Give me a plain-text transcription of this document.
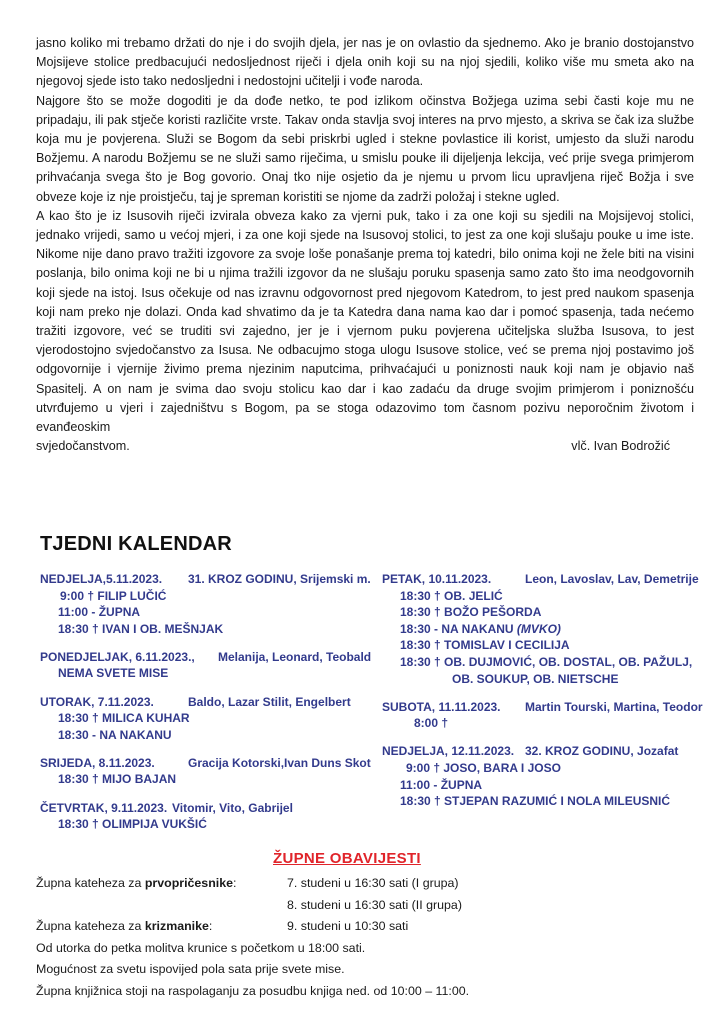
jasno koliko mi trebamo držati do nje i do svojih djela, jer nas je on ovlastio da sjednemo. Ako je branio dostojanstvo Mojsijeve stolice predbacujući nedosljednost riječi i djela onih koji su na njoj sjedili, koliko više mu smeta ako na njegovoj sjede isto tako nedosljedni i nedostojni učitelji i vođe naroda.

Najgore što se može dogoditi je da dođe netko, te pod izlikom očinstva Božjega uzima sebi časti koje mu ne pripadaju, ili pak stječe koristi različite vrste. Takav onda stavlja svoj interes na prvo mjesto, a skriva se čak iza službe koja mu je povjerena. Služi se Bogom da sebi priskrbi ugled i stekne povlastice ili korist, umjesto da služi narodu Božjemu. A narodu Božjemu se ne služi samo riječima, u smislu pouke ili dijeljenja lekcija, već prije svega primjerom prihvaćanja svega što je Bog govorio. Onaj tko nije osjetio da je njemu u prvom licu upravljena riječ Božja i sve obveze koje iz nje proistječu, taj je spreman koristiti se njome da zadrži položaj i stekne ugled.

A kao što je iz Isusovih riječi izvirala obveza kako za vjerni puk, tako i za one koji su sjedili na Mojsijevoj stolici, jednako vrijedi, samo u većoj mjeri, i za one koji sjede na Isusovoj stolici, to jest za one koji slušaju pouke u ime iste. Nikome nije dano pravo tražiti izgovore za svoje loše ponašanje prema toj katedri, bilo onima koji ne žele biti na visini poslanja, bilo onima koji ne bi u njima tražili izgovor da ne slušaju poruku spasenja samo zato što ima neodgovornih koji sjede na istoj. Isus očekuje od nas izravnu odgovornost pred njegovom Katedrom, to jest pred naukom spasenja koji nam preko nje dolazi. Onda kad shvatimo da je ta Katedra dana nama kao dar i pomoć spasenja, tada nećemo tražiti izgovore, već se truditi svi zajedno, jer je i vjernom puku povjerena učiteljska služba Isusova, to jest vjerodostojno svjedočanstvo za Isusa. Ne odbacujmo stoga ulogu Isusove stolice, već se prema njoj postavimo još odgovornije i vjernije živimo prema njezinim naputcima, prihvaćajući u poniznosti nauk koji nam je objavio naš Spasitelj. A on nam je svima dao svoju stolicu kao dar i kao zadaću da druge svojim primjerom i poniznošću utvrđujemo u vjeri i zajedništvu s Bogom, pa se stoga odazovimo tom časnom pozivu neporočnim životom i evanđeoskim

svjedočanstvom.	vlč. Ivan Bodrožić
TJEDNI KALENDAR
NEDJELJA,5.11.2023. 31. KROZ GODINU, Srijemski m.
9:00 † FILIP LUČIĆ
11:00 - ŽUPNA
18:30 † IVAN I OB. MEŠNJAK
PONEDJELJAK, 6.11.2023., Melanija, Leonard, Teobald
NEMA SVETE MISE
UTORAK, 7.11.2023.	Baldo, Lazar Stilit, Engelbert
18:30 † MILICA KUHAR
18:30 - NA NAKANU
SRIJEDA, 8.11.2023.	Gracija Kotorski,Ivan Duns Skot
18:30 † MIJO BAJAN
ČETVRTAK, 9.11.2023. Vitomir, Vito, Gabrijel
18:30 † OLIMPIJA VUKŠIĆ
PETAK, 10.11.2023.	Leon, Lavoslav, Lav, Demetrije
18:30 † OB. JELIĆ
18:30 † BOŽO PEŠORDA
18:30 - NA NAKANU (MVKO)
18:30 † TOMISLAV I CECILIJA
18:30 † OB. DUJMOVIĆ, OB. DOSTAL, OB. PAŽULJ,
OB. SOUKUP, OB. NIETSCHE
SUBOTA, 11.11.2023. Martin Tourski, Martina, Teodor
8:00 †
NEDJELJA, 12.11.2023. 32. KROZ GODINU, Jozafat
9:00 † JOSO, BARA I JOSO
11:00 - ŽUPNA
18:30 † STJEPAN RAZUMIĆ I NOLA MILEUSNIĆ
ŽUPNE OBAVIJESTI
Župna kateheza za prvopričesnike:	7. studeni u 16:30 sati (I grupa)
8. studeni u 16:30 sati (II grupa)
Župna kateheza za krizmanike:	9. studeni u 10:30 sati
Od utorka do petka molitva krunice s početkom u 18:00 sati.
Mogućnost za svetu ispovijed pola sata prije svete mise.
Župna knjižnica stoji na raspolaganju za posudbu knjiga ned. od 10:00 – 11:00.
